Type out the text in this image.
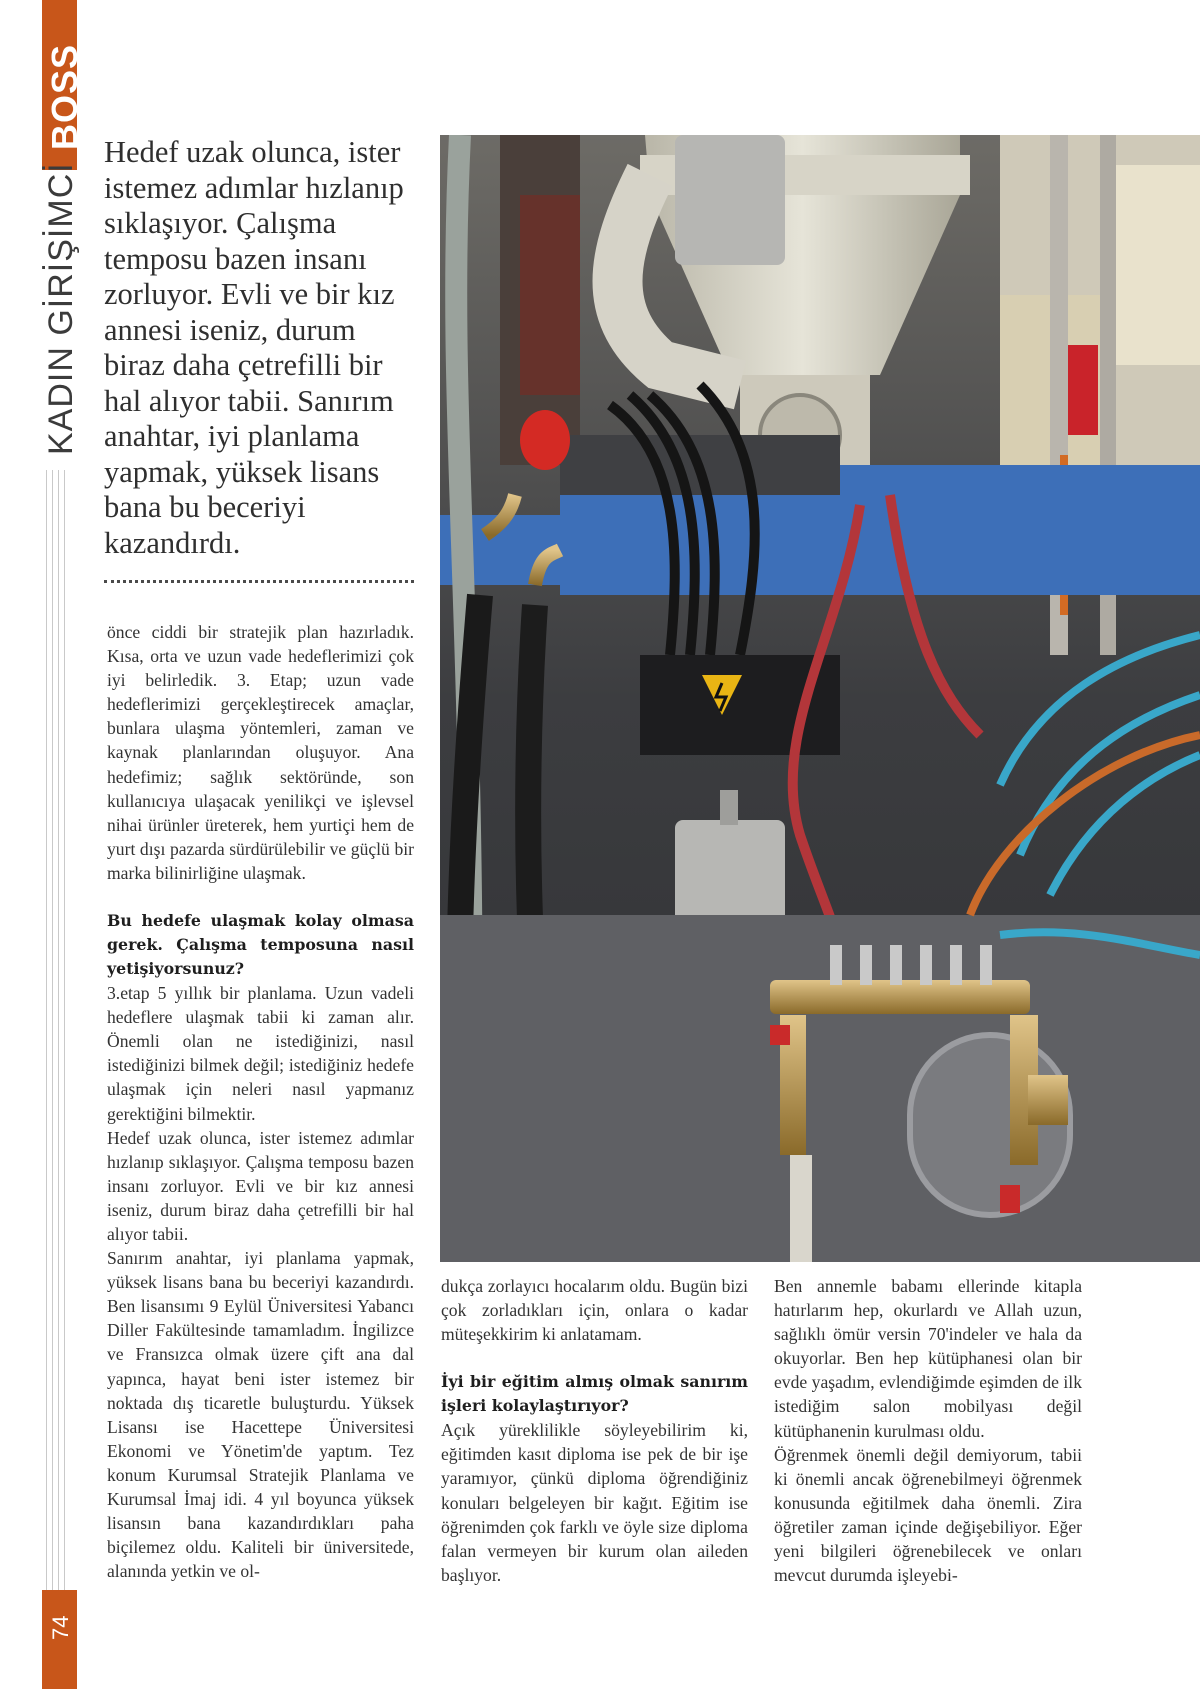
BOSS
KADIN GİRİŞİMCİ
74
Hedef uzak olunca, ister istemez adımlar hızlanıp sıklaşıyor. Çalışma temposu bazen insanı zorluyor. Evli ve bir kız annesi iseniz, durum biraz daha çetrefilli bir hal alıyor tabii. Sanırım anahtar, iyi planlama yapmak, yüksek lisans bana bu beceriyi kazandırdı.

önce ciddi bir stratejik plan hazırladık. Kısa, orta ve uzun vade hedeflerimizi çok iyi belirledik. 3. Etap; uzun vade hedeflerimizi gerçekleştirecek amaçlar, bunlara ulaşma yöntemleri, zaman ve kaynak planlarından oluşuyor. Ana hedefimiz; sağlık sektöründe, son kullanıcıya ulaşacak yenilikçi ve işlevsel nihai ürünler üreterek, hem yurtiçi hem de yurt dışı pazarda sürdürülebilir ve güçlü bir marka bilinirliğine ulaşmak.

Bu hedefe ulaşmak kolay olmasa gerek. Çalışma temposuna nasıl yetişiyorsunuz?

3.etap 5 yıllık bir planlama. Uzun vadeli hedeflere ulaşmak tabii ki zaman alır. Önemli olan ne istediğinizi, nasıl istediğinizi bilmek değil; istediğiniz hedefe ulaşmak için neleri nasıl yapmanız gerektiğini bilmektir.

Hedef uzak olunca, ister istemez adımlar hızlanıp sıklaşıyor. Çalışma temposu bazen insanı zorluyor. Evli ve bir kız annesi iseniz, durum biraz daha çetrefilli bir hal alıyor tabii.

Sanırım anahtar, iyi planlama yapmak, yüksek lisans bana bu beceriyi kazandırdı. Ben lisansımı 9 Eylül Üniversitesi Yabancı Diller Fakültesinde tamamladım. İngilizce ve Fransızca olmak üzere çift ana dal yapınca, hayat beni ister istemez bir noktada dış ticaretle buluşturdu. Yüksek Lisansı ise Hacettepe Üniversitesi Ekonomi ve Yönetim'de yaptım. Tez konum Kurumsal Stratejik Planlama ve Kurumsal İmaj idi. 4 yıl boyunca yüksek lisansın bana kazandırdıkları paha biçilemez oldu. Kaliteli bir üniversitede, alanında yetkin ve ol-

dukça zorlayıcı hocalarım oldu. Bugün bizi çok zorladıkları için, onlara o kadar müteşekkirim ki anlatamam.

İyi bir eğitim almış olmak sanırım işleri kolaylaştırıyor?

Açık yüreklilikle söyleyebilirim ki, eğitimden kasıt diploma ise pek de bir işe yaramıyor, çünkü diploma öğrendiğiniz konuları belgeleyen bir kağıt. Eğitim ise öğrenimden çok farklı ve öyle size diploma falan vermeyen bir kurum olan aileden başlıyor.

Ben annemle babamı ellerinde kitapla hatırlarım hep, okurlardı ve Allah uzun, sağlıklı ömür versin 70'indeler ve hala da okuyorlar. Ben hep kütüphanesi olan bir evde yaşadım, evlendiğimde eşimden de ilk istediğim salon mobilyası değil kütüphanenin kurulması oldu.

Öğrenmek önemli değil demiyorum, tabii ki önemli ancak öğrenebilmeyi öğrenmek konusunda eğitilmek daha önemli. Zira öğretiler zaman içinde değişebiliyor. Eğer yeni bilgileri öğrenebilecek ve onları mevcut durumda işleyebi-
